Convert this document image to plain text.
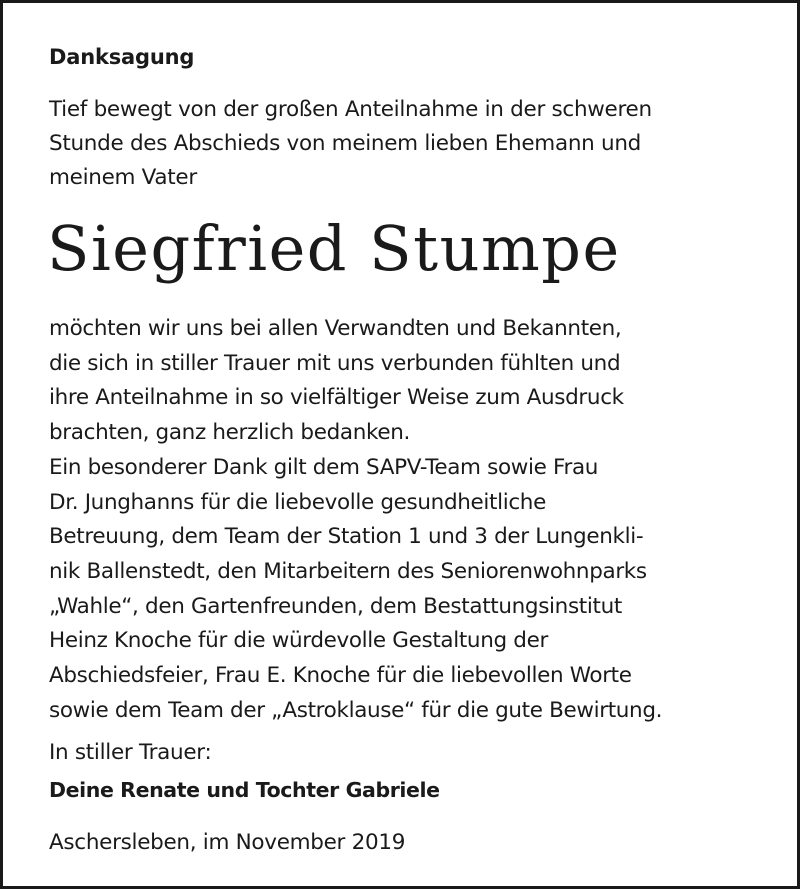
Danksagung

Tief bewegt von der großen Anteilnahme in der schweren
Stunde des Abschieds von meinem lieben Ehemann und
meinem Vater

Siegfried Stumpe

möchten wir uns bei allen Verwandten und Bekannten,
die sich in stiller Trauer mit uns verbunden fühlten und
ihre Anteilnahme in so vielfältiger Weise zum Ausdruck
brachten, ganz herzlich bedanken.
Ein besonderer Dank gilt dem SAPV-Team sowie Frau
Dr. Junghanns für die liebevolle gesundheitliche
Betreuung, dem Team der Station 1 und 3 der Lungenkli-
nik Ballenstedt, den Mitarbeitern des Seniorenwohnparks
„Wahle“, den Gartenfreunden, dem Bestattungsinstitut
Heinz Knoche für die würdevolle Gestaltung der
Abschiedsfeier, Frau E. Knoche für die liebevollen Worte
sowie dem Team der „Astroklause“ für die gute Bewirtung.

In stiller Trauer:
Deine Renate und Tochter Gabriele
Aschersleben, im November 2019
